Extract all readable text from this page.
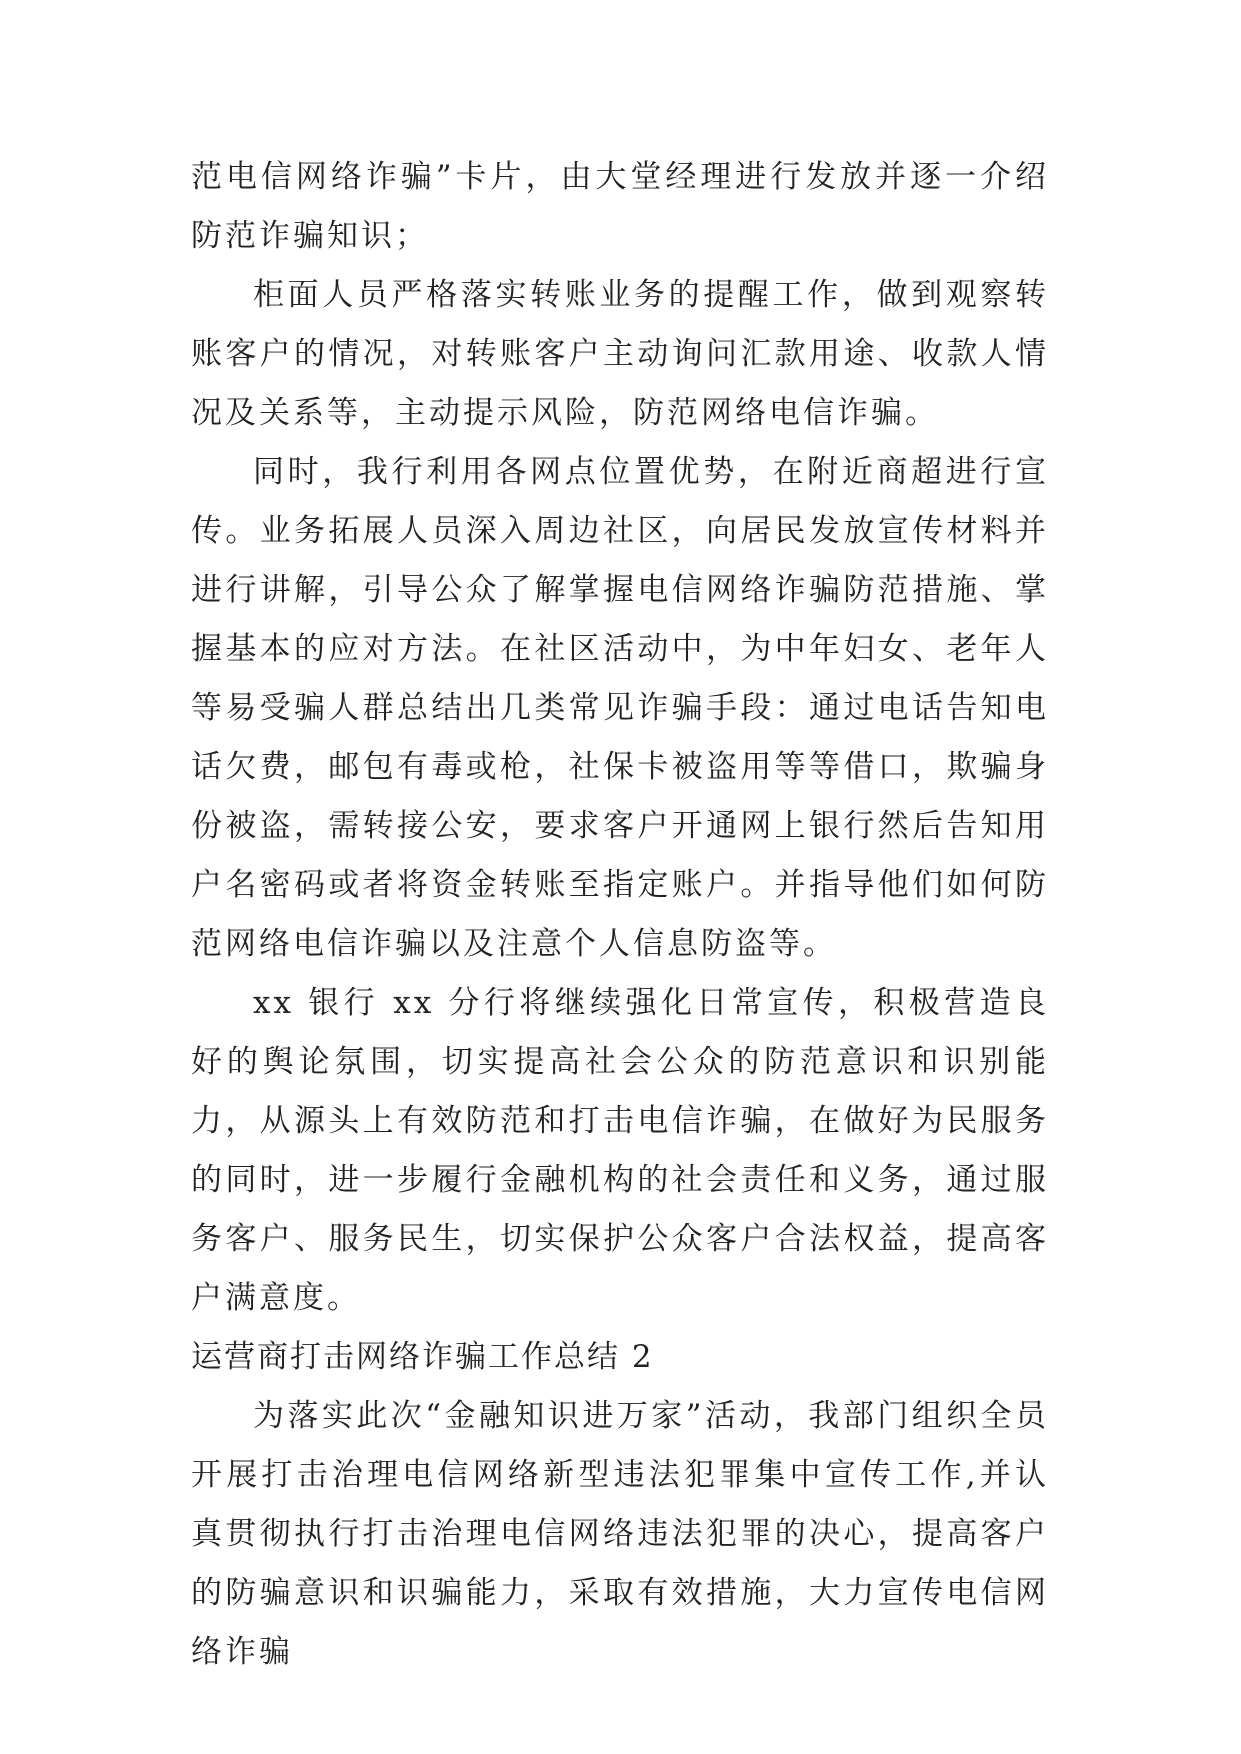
范电信网络诈骗”卡片，由大堂经理进行发放并逐一介绍防范诈骗知识；

柜面人员严格落实转账业务的提醒工作，做到观察转账客户的情况，对转账客户主动询问汇款用途、收款人情况及关系等，主动提示风险，防范网络电信诈骗。

同时，我行利用各网点位置优势，在附近商超进行宣传。业务拓展人员深入周边社区，向居民发放宣传材料并进行讲解，引导公众了解掌握电信网络诈骗防范措施、掌握基本的应对方法。在社区活动中，为中年妇女、老年人等易受骗人群总结出几类常见诈骗手段：通过电话告知电话欠费，邮包有毒或枪，社保卡被盗用等等借口，欺骗身份被盗，需转接公安，要求客户开通网上银行然后告知用户名密码或者将资金转账至指定账户。并指导他们如何防范网络电信诈骗以及注意个人信息防盗等。

xx 银行 xx 分行将继续强化日常宣传，积极营造良好的舆论氛围，切实提高社会公众的防范意识和识别能力，从源头上有效防范和打击电信诈骗，在做好为民服务的同时，进一步履行金融机构的社会责任和义务，通过服务客户、服务民生，切实保护公众客户合法权益，提高客户满意度。

运营商打击网络诈骗工作总结 2

为落实此次“金融知识进万家”活动，我部门组织全员开展打击治理电信网络新型违法犯罪集中宣传工作,并认真贯彻执行打击治理电信网络违法犯罪的决心，提高客户的防骗意识和识骗能力，采取有效措施，大力宣传电信网络诈骗
